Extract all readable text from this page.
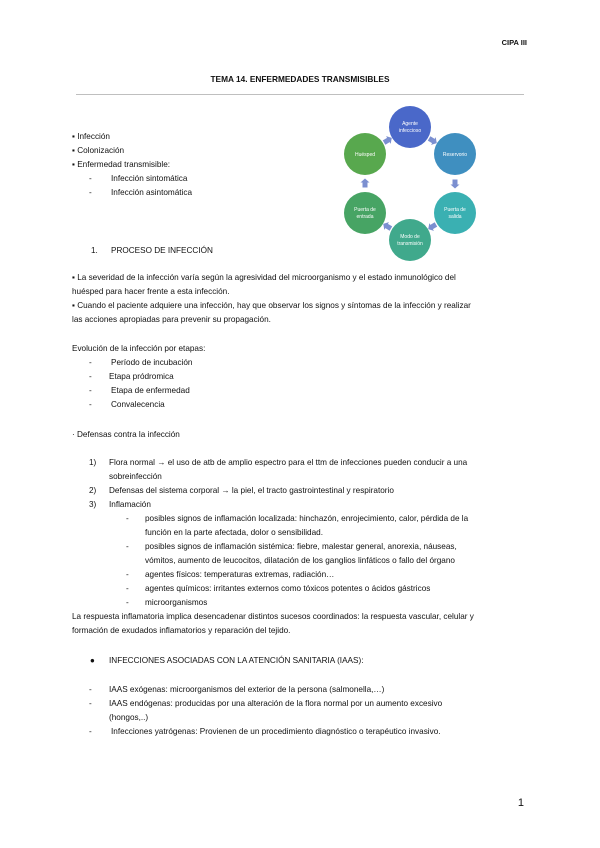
CIPA III
TEMA 14. ENFERMEDADES TRANSMISIBLES
▪ Infección
▪ Colonización
▪ Enfermedad transmisible:
- Infección sintomática
- Infección asintomática
Agente
infeccioso
Reservorio
Puerta de
salida
Modo de
transmisión
Puerta de
entrada
Huésped
1. PROCESO DE INFECCIÓN
▪ La severidad de la infección varía según la agresividad del microorganismo y el estado inmunológico del
huésped para hacer frente a esta infección.
▪ Cuando el paciente adquiere una infección, hay que observar los signos y síntomas de la infección y realizar
las acciones apropiadas para prevenir su propagación.
Evolución de la infección por etapas:
- Período de incubación
- Etapa pródromica
- Etapa de enfermedad
- Convalecencia
· Defensas contra la infección
1) Flora normal → el uso de atb de amplio espectro para el ttm de infecciones pueden conducir a una
sobreinfección
2) Defensas del sistema corporal → la piel, el tracto gastrointestinal y respiratorio
3) Inflamación
- posibles signos de inflamación localizada: hinchazón, enrojecimiento, calor, pérdida de la
función en la parte afectada, dolor o sensibilidad.
- posibles signos de inflamación sistémica: fiebre, malestar general, anorexia, náuseas,
vómitos, aumento de leucocitos, dilatación de los ganglios linfáticos o fallo del órgano
- agentes físicos: temperaturas extremas, radiación…
- agentes químicos: irritantes externos como tóxicos potentes o ácidos gástricos
- microorganismos
La respuesta inflamatoria implica desencadenar distintos sucesos coordinados: la respuesta vascular, celular y
formación de exudados inflamatorios y reparación del tejido.
● INFECCIONES ASOCIADAS CON LA ATENCIÓN SANITARIA (IAAS):
- IAAS exógenas: microorganismos del exterior de la persona (salmonella,…)
- IAAS endógenas: producidas por una alteración de la flora normal por un aumento excesivo
(hongos,..)
- Infecciones yatrógenas: Provienen de un procedimiento diagnóstico o terapéutico invasivo.
1
